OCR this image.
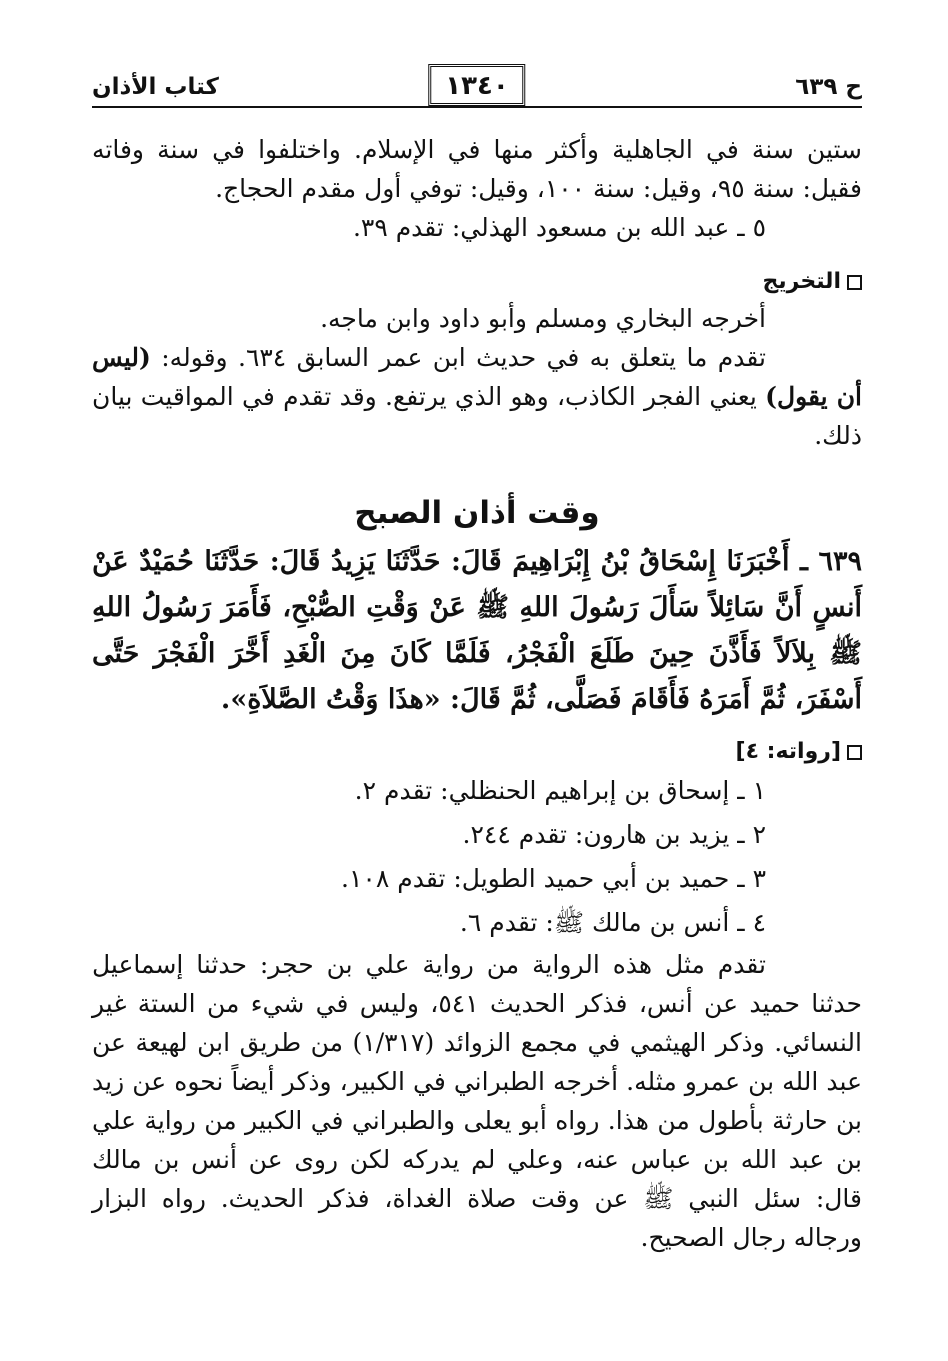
ح ٦٣٩
١٣٤٠
كتاب الأذان

ستين سنة في الجاهلية وأكثر منها في الإسلام. واختلفوا في سنة وفاته فقيل: سنة ٩٥، وقيل: سنة ١٠٠، وقيل: توفي أول مقدم الحجاج.

٥ ـ عبد الله بن مسعود الهذلي: تقدم ٣٩.

التخريج

أخرجه البخاري ومسلم وأبو داود وابن ماجه.

تقدم ما يتعلق به في حديث ابن عمر السابق ٦٣٤. وقوله: (ليس أن يقول) يعني الفجر الكاذب، وهو الذي يرتفع. وقد تقدم في المواقيت بيان ذلك.

وقت أذان الصبح

٦٣٩ ـ أَخْبَرَنَا إِسْحَاقُ بْنُ إِبْرَاهِيمَ قَالَ: حَدَّثَنَا يَزِيدُ قَالَ: حَدَّثَنَا حُمَيْدٌ عَنْ أَنسٍ أَنَّ سَائِلاً سَأَلَ رَسُولَ اللهِ ﷺ عَنْ وَقْتِ الصُّبْحِ، فَأَمَرَ رَسُولُ اللهِ ﷺ بِلاَلاً فَأَذَّنَ حِينَ طَلَعَ الْفَجْرُ، فَلَمَّا كَانَ مِنَ الْغَدِ أَخَّرَ الْفَجْرَ حَتَّى أَسْفَرَ، ثُمَّ أَمَرَهُ فَأَقَامَ فَصَلَّى، ثُمَّ قَالَ: «هذَا وَقْتُ الصَّلاَةِ».

[رواته: ٤]

١ ـ إسحاق بن إبراهيم الحنظلي: تقدم ٢.

٢ ـ يزيد بن هارون: تقدم ٢٤٤.

٣ ـ حميد بن أبي حميد الطويل: تقدم ١٠٨.

٤ ـ أنس بن مالك ﷺ: تقدم ٦.

تقدم مثل هذه الرواية من رواية علي بن حجر: حدثنا إسماعيل حدثنا حميد عن أنس، فذكر الحديث ٥٤١، وليس في شيء من الستة غير النسائي. وذكر الهيثمي في مجمع الزوائد (١/٣١٧) من طريق ابن لهيعة عن عبد الله بن عمرو مثله. أخرجه الطبراني في الكبير، وذكر أيضاً نحوه عن زيد بن حارثة بأطول من هذا. رواه أبو يعلى والطبراني في الكبير من رواية علي بن عبد الله بن عباس عنه، وعلي لم يدركه لكن روى عن أنس بن مالك قال: سئل النبي ﷺ عن وقت صلاة الغداة، فذكر الحديث. رواه البزار ورجاله رجال الصحيح.
